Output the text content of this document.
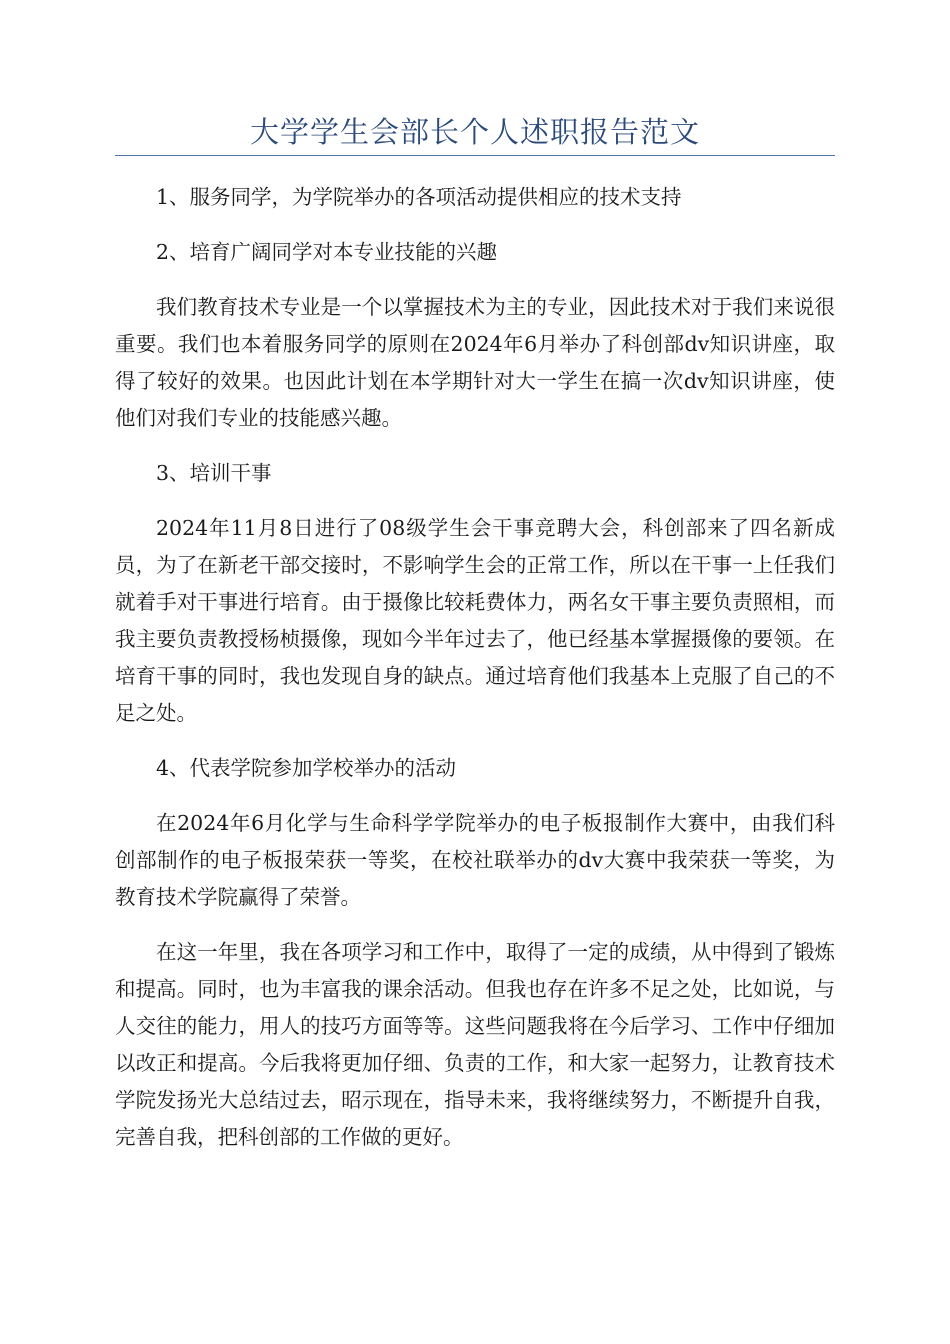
大学学生会部长个人述职报告范文

1、服务同学，为学院举办的各项活动提供相应的技术支持

2、培育广阔同学对本专业技能的兴趣

我们教育技术专业是一个以掌握技术为主的专业，因此技术对于我们来说很重要。我们也本着服务同学的原则在2024年6月举办了科创部dv知识讲座，取得了较好的效果。也因此计划在本学期针对大一学生在搞一次dv知识讲座，使他们对我们专业的技能感兴趣。

3、培训干事

2024年11月8日进行了08级学生会干事竞聘大会，科创部来了四名新成员，为了在新老干部交接时，不影响学生会的正常工作，所以在干事一上任我们就着手对干事进行培育。由于摄像比较耗费体力，两名女干事主要负责照相，而我主要负责教授杨桢摄像，现如今半年过去了，他已经基本掌握摄像的要领。在培育干事的同时，我也发现自身的缺点。通过培育他们我基本上克服了自己的不足之处。

4、代表学院参加学校举办的活动

在2024年6月化学与生命科学学院举办的电子板报制作大赛中，由我们科创部制作的电子板报荣获一等奖，在校社联举办的dv大赛中我荣获一等奖，为教育技术学院赢得了荣誉。

在这一年里，我在各项学习和工作中，取得了一定的成绩，从中得到了锻炼和提高。同时，也为丰富我的课余活动。但我也存在许多不足之处，比如说，与人交往的能力，用人的技巧方面等等。这些问题我将在今后学习、工作中仔细加以改正和提高。今后我将更加仔细、负责的工作，和大家一起努力，让教育技术学院发扬光大总结过去，昭示现在，指导未来，我将继续努力，不断提升自我，完善自我，把科创部的工作做的更好。
